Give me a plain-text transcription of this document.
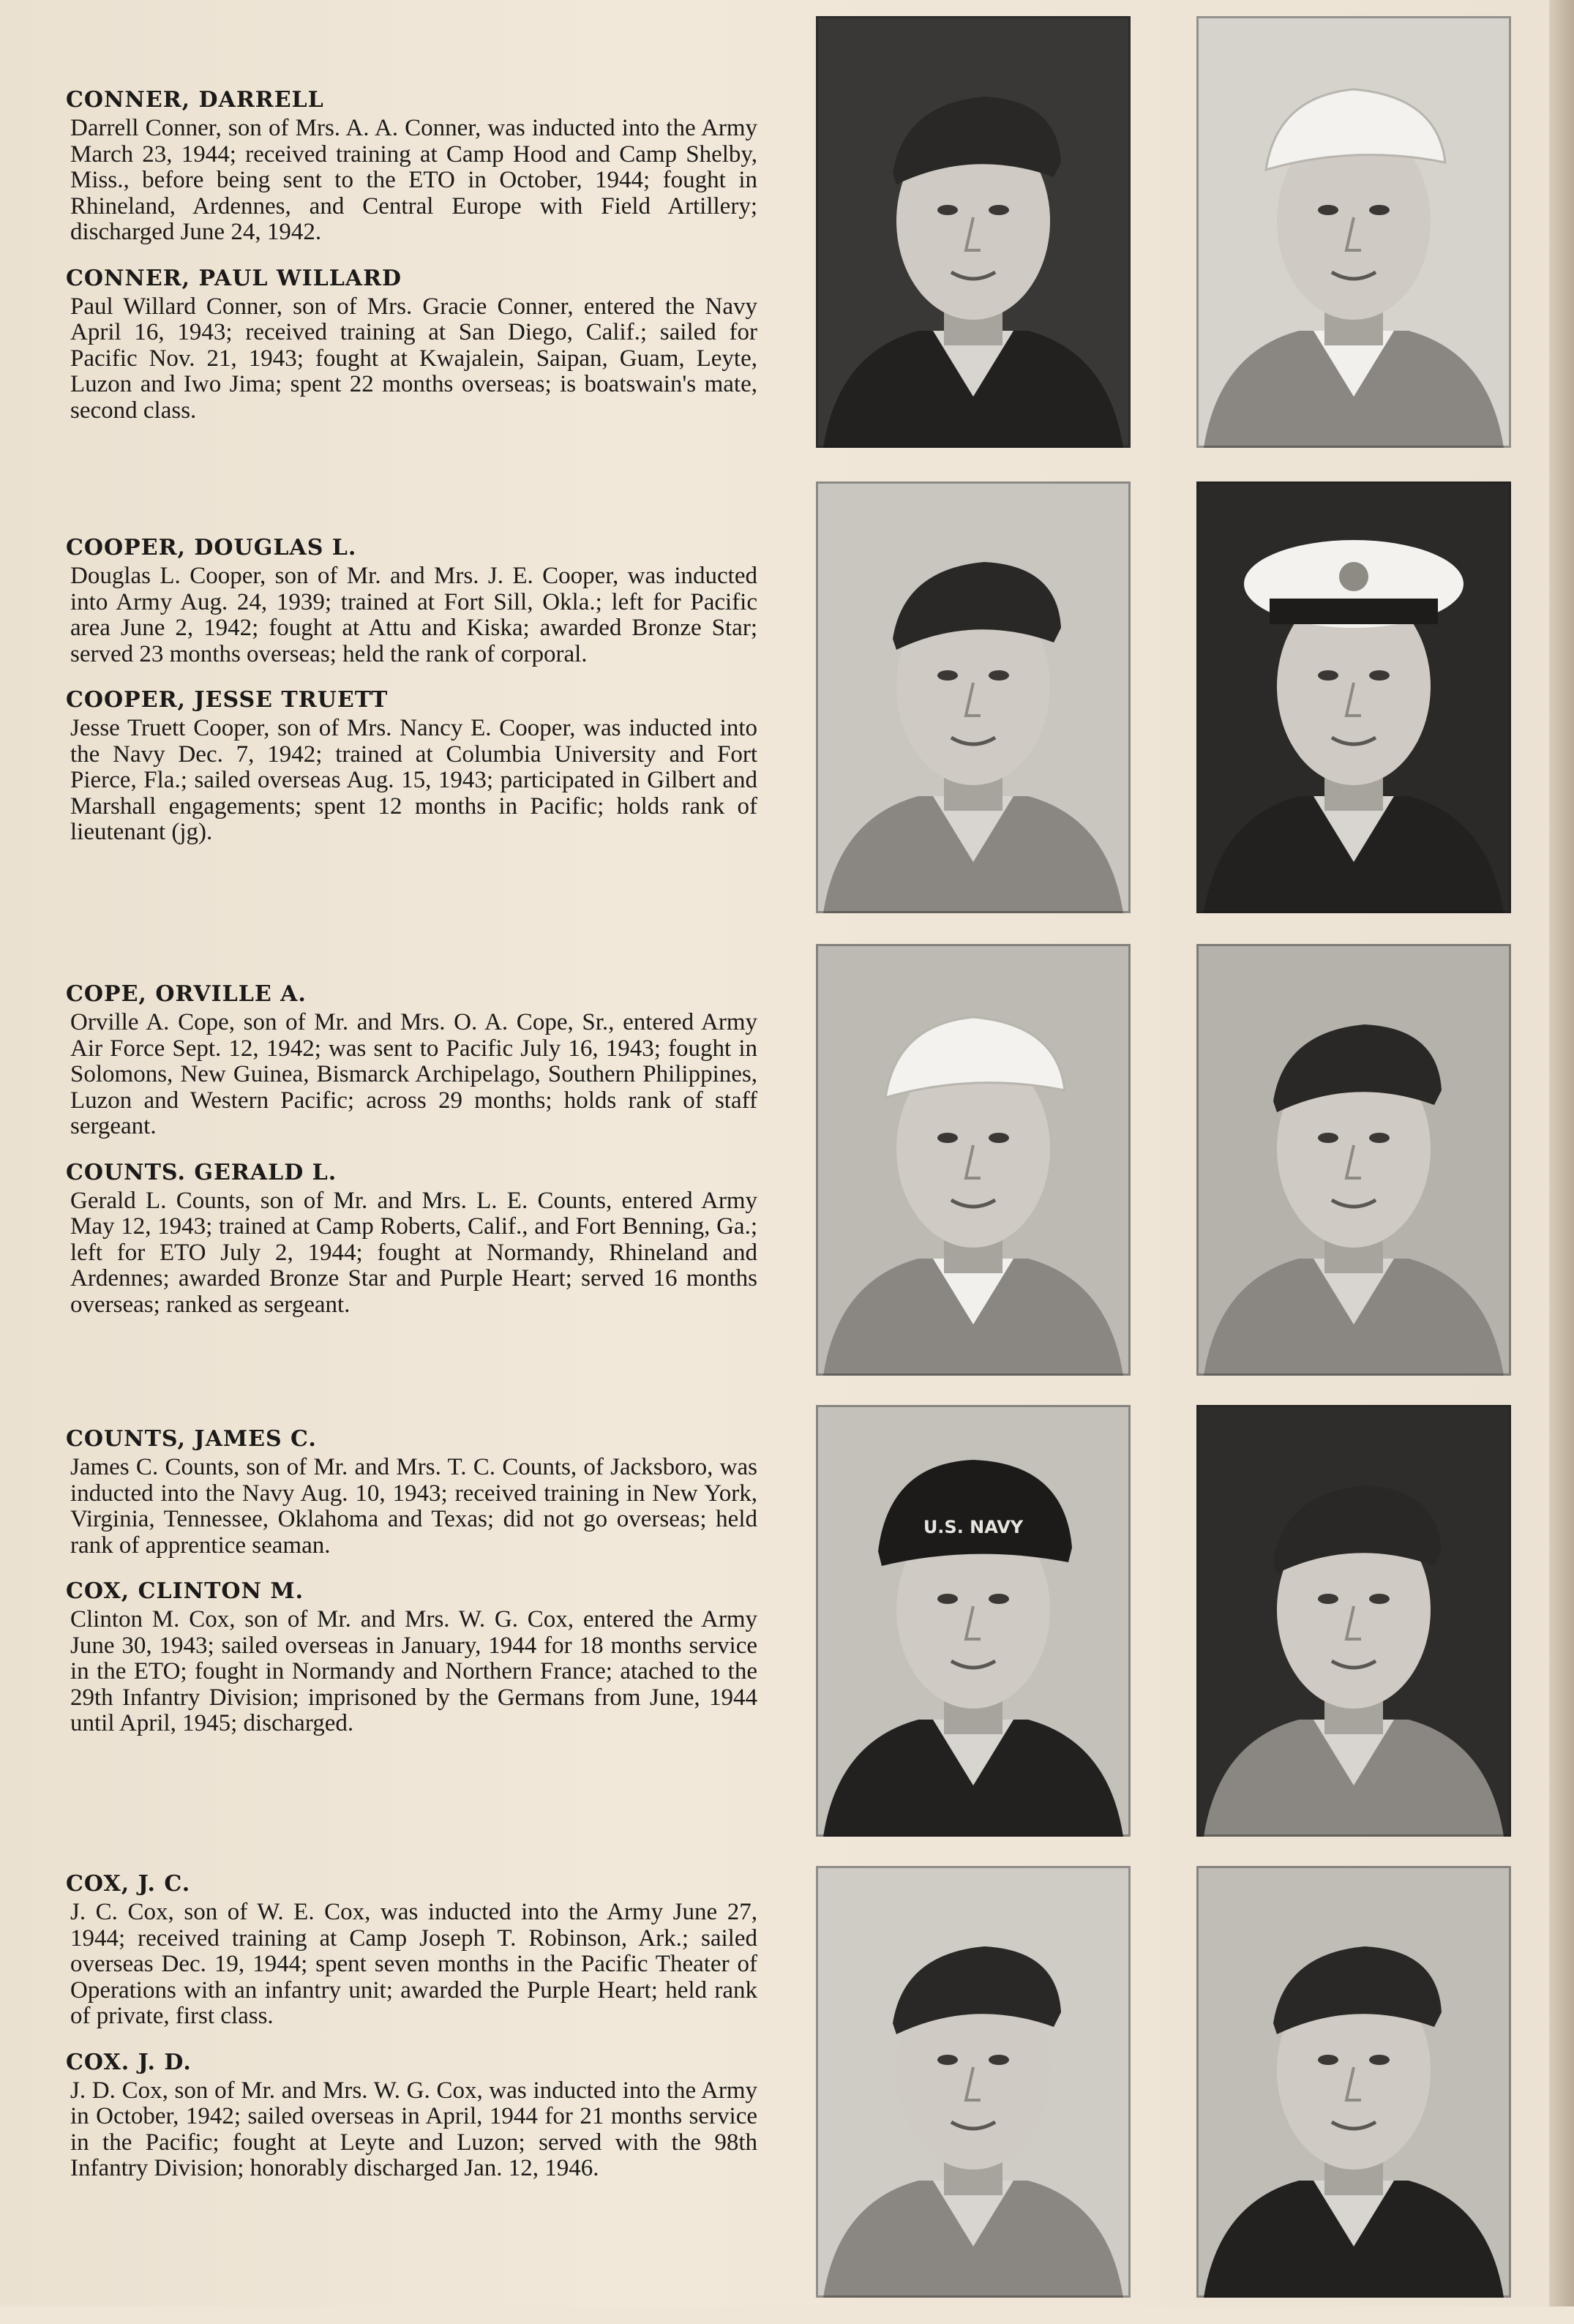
CONNER, DARRELL
Darrell Conner, son of Mrs. A. A. Conner, was inducted into the Army March 23, 1944; received training at Camp Hood and Camp Shelby, Miss., before being sent to the ETO in October, 1944; fought in Rhineland, Ardennes, and Central Europe with Field Artillery; discharged June 24, 1942.
CONNER, PAUL WILLARD
Paul Willard Conner, son of Mrs. Gracie Conner, entered the Navy April 16, 1943; received training at San Diego, Calif.; sailed for Pacific Nov. 21, 1943; fought at Kwajalein, Saipan, Guam, Leyte, Luzon and Iwo Jima; spent 22 months overseas; is boatswain's mate, second class.
COOPER, DOUGLAS L.
Douglas L. Cooper, son of Mr. and Mrs. J. E. Cooper, was inducted into Army Aug. 24, 1939; trained at Fort Sill, Okla.; left for Pacific area June 2, 1942; fought at Attu and Kiska; awarded Bronze Star; served 23 months overseas; held the rank of corporal.
COOPER, JESSE TRUETT
Jesse Truett Cooper, son of Mrs. Nancy E. Cooper, was inducted into the Navy Dec. 7, 1942; trained at Columbia University and Fort Pierce, Fla.; sailed overseas Aug. 15, 1943; participated in Gilbert and Marshall engagements; spent 12 months in Pacific; holds rank of lieutenant (jg).
COPE, ORVILLE A.
Orville A. Cope, son of Mr. and Mrs. O. A. Cope, Sr., entered Army Air Force Sept. 12, 1942; was sent to Pacific July 16, 1943; fought in Solomons, New Guinea, Bismarck Archipelago, Southern Philippines, Luzon and Western Pacific; across 29 months; holds rank of staff sergeant.
COUNTS. GERALD L.
Gerald L. Counts, son of Mr. and Mrs. L. E. Counts, entered Army May 12, 1943; trained at Camp Roberts, Calif., and Fort Benning, Ga.; left for ETO July 2, 1944; fought at Normandy, Rhineland and Ardennes; awarded Bronze Star and Purple Heart; served 16 months overseas; ranked as sergeant.
COUNTS, JAMES C.
James C. Counts, son of Mr. and Mrs. T. C. Counts, of Jacksboro, was inducted into the Navy Aug. 10, 1943; received training in New York, Virginia, Tennessee, Oklahoma and Texas; did not go overseas; held rank of apprentice seaman.
COX, CLINTON M.
Clinton M. Cox, son of Mr. and Mrs. W. G. Cox, entered the Army June 30, 1943; sailed overseas in January, 1944 for 18 months service in the ETO; fought in Normandy and Northern France; atached to the 29th Infantry Division; imprisoned by the Germans from June, 1944 until April, 1945; discharged.
COX, J. C.
J. C. Cox, son of W. E. Cox, was inducted into the Army June 27, 1944; received training at Camp Joseph T. Robinson, Ark.; sailed overseas Dec. 19, 1944; spent seven months in the Pacific Theater of Operations with an infantry unit; awarded the Purple Heart; held rank of private, first class.
COX. J. D.
J. D. Cox, son of Mr. and Mrs. W. G. Cox, was inducted into the Army in October, 1942; sailed overseas in April, 1944 for 21 months service in the Pacific; fought at Leyte and Luzon; served with the 98th Infantry Division; honorably discharged Jan. 12, 1946.
U.S. NAVY
